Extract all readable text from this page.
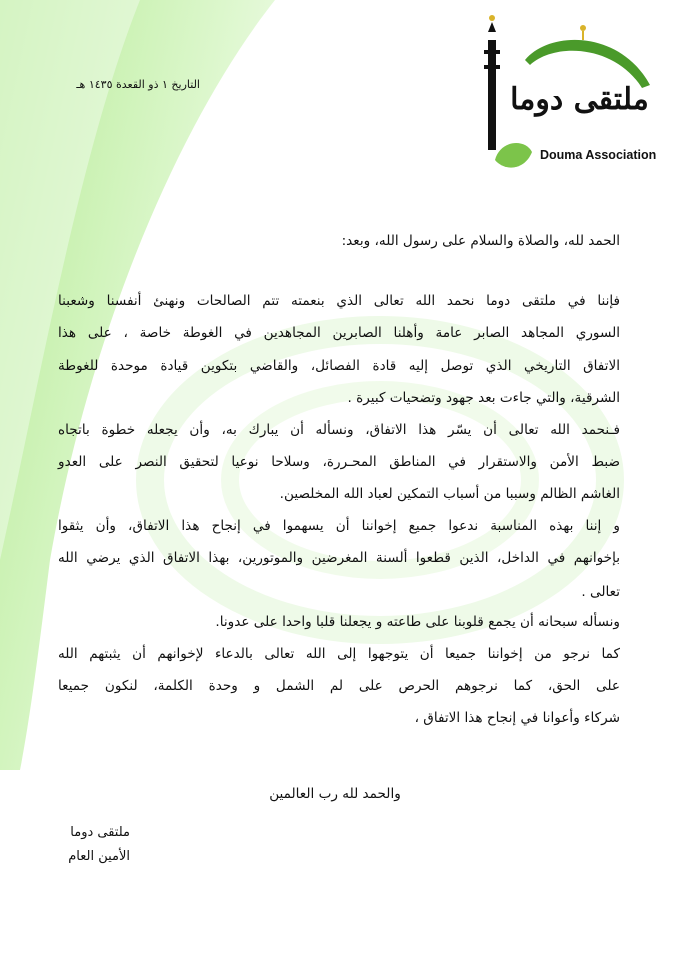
التاريخ ١ ذو القعدة ١٤٣٥ هـ	ملتقى دوما
Douma Association
الحمد لله، والصلاة والسلام على رسول الله، وبعد:
فإننا في ملتقى دوما نحمد الله تعالى الذي بنعمته تتم الصالحات ونهنئ أنفسنا وشعبنا
السوري المجاهد الصابر عامة وأهلنا الصابرين المجاهدين في الغوطة خاصة ، على هذا
الاتفاق التاريخي الذي توصل إليه قادة الفصائل، والقاضي بتكوين قيادة موحدة للغوطة
الشرقية، والتي جاءت بعد جهود وتضحيات كبيرة .
فـنحمد الله تعالى أن يسّر هذا الاتفاق، ونسأله أن يبارك به، وأن يجعله خطوة باتجاه
ضبط الأمن والاستقرار في المناطق المحـررة، وسلاحا نوعيا لتحقيق النصر على العدو
الغاشم الظالم وسببا من أسباب التمكين لعباد الله المخلصين.
و إننا بهذه المناسبة ندعوا جميع إخواننا أن يسهموا في إنجاح هذا الاتفاق، وأن يثقوا
بإخوانهم في الداخل، الذين قطعوا ألسنة المغرضين والموتورين، بهذا الاتفاق الذي يرضي الله
تعالى .
ونسأله سبحانه أن يجمع قلوبنا على طاعته و يجعلنا قلبا واحدا على عدونا.
كما نرجو من إخواننا جميعا أن يتوجهوا إلى الله تعالى بالدعاء لإخوانهم أن يثبتهم الله
على الحق، كما نرجوهم الحرص على لم الشمل و وحدة الكلمة، لنكون جميعا
شركاء وأعوانا في إنجاح هذا الاتفاق ،
والحمد لله رب العالمين
ملتقى دوما
الأمين العام
